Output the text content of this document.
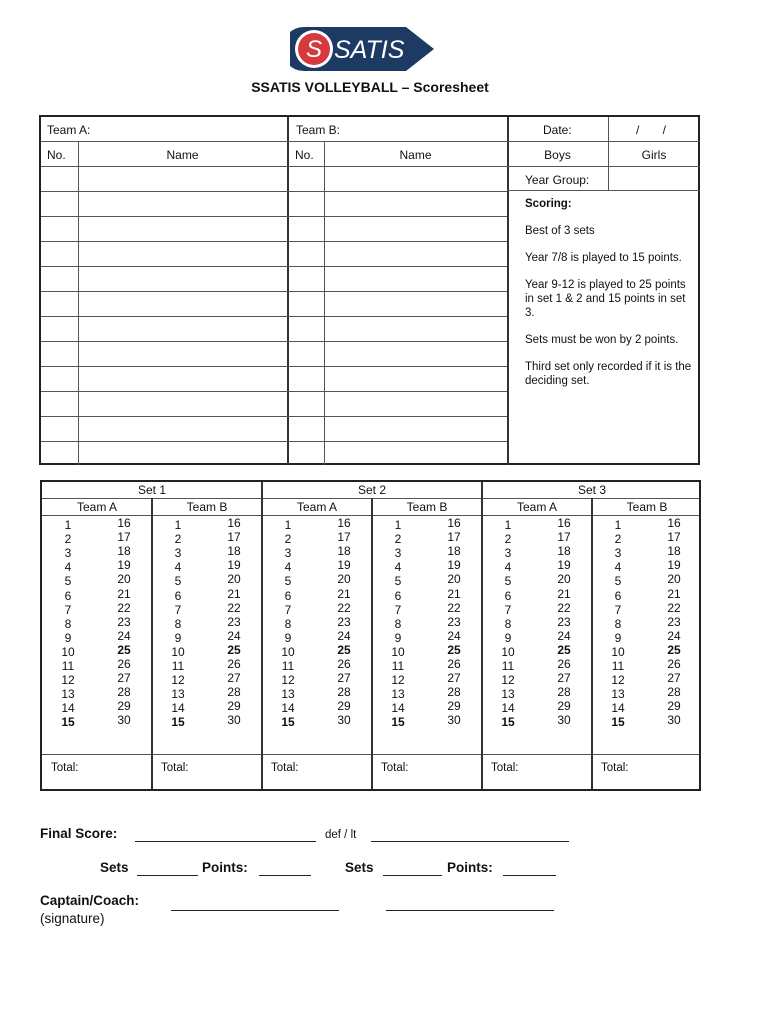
S SATIS
SSATIS VOLLEYBALL – Scoresheet
Team A:	Team B:	Date:	/       /
No.	Name	No.	Name	Boys	Girls
Year Group:
Scoring:

Best of 3 sets

Year 7/8 is played to 15 points.

Year 9-12 is played to 25 points in set 1 & 2 and 15 points in set 3.

Sets must be won by 2 points.

Third set only recorded if it is the deciding set.

Set 1
Team A
1	16
2	17
3	18
4	19
5	20
6	21
7	22
8	23
9	24
10	25
11	26
12	27
13	28
14	29
15	30
Total:
Team B
1	16
2	17
3	18
4	19
5	20
6	21
7	22
8	23
9	24
10	25
11	26
12	27
13	28
14	29
15	30
Total:
Set 2
Team A
1	16
2	17
3	18
4	19
5	20
6	21
7	22
8	23
9	24
10	25
11	26
12	27
13	28
14	29
15	30
Total:
Team B
1	16
2	17
3	18
4	19
5	20
6	21
7	22
8	23
9	24
10	25
11	26
12	27
13	28
14	29
15	30
Total:
Set 3
Team A
1	16
2	17
3	18
4	19
5	20
6	21
7	22
8	23
9	24
10	25
11	26
12	27
13	28
14	29
15	30
Total:
Team B
1	16
2	17
3	18
4	19
5	20
6	21
7	22
8	23
9	24
10	25
11	26
12	27
13	28
14	29
15	30
Total:
Final Score:	def / lt
Sets	Points:	Sets	Points:
Captain/Coach:
(signature)
